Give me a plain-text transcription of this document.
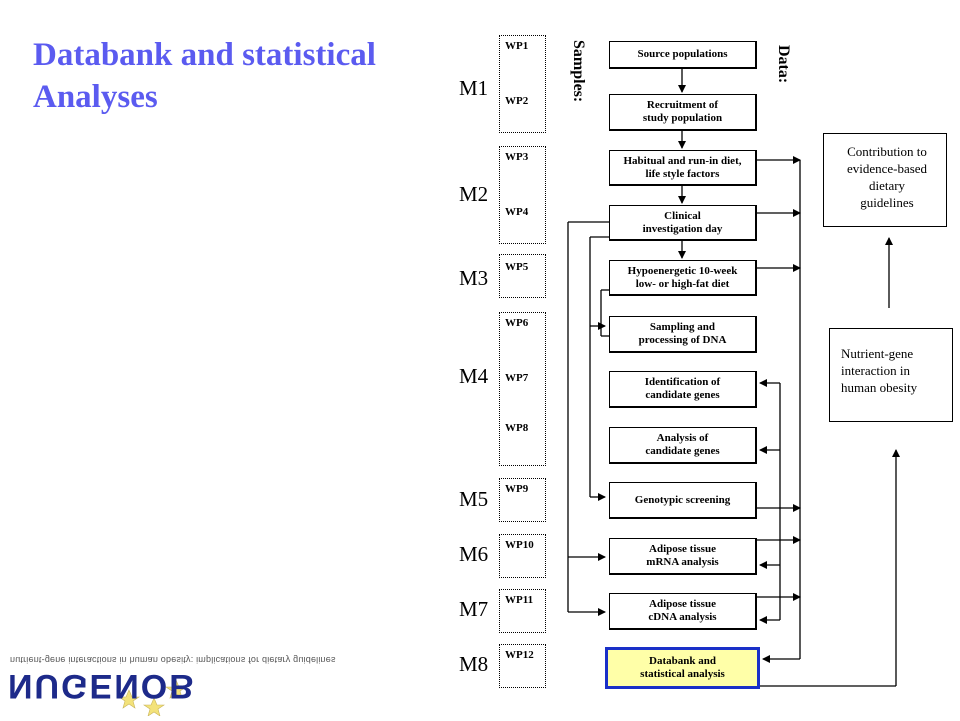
Databank and statistical
Analyses	M1
M2
M3
M4
M5
M6
M7
M8
WP1
WP2
WP3
WP4
WP5
WP6
WP7
WP8
WP9
WP10
WP11
WP12
Samples:	Data:
Source populations
Recruitment of
study population
Habitual and run-in diet,
life style factors
Clinical
investigation day
Hypoenergetic 10-week
low- or high-fat diet
Sampling and
processing of DNA
Identification of
candidate genes
Analysis of
candidate genes
Genotypic screening
Adipose tissue
mRNA analysis
Adipose tissue
cDNA analysis
Databank and
statistical analysis
Contribution to
evidence-based
dietary
guidelines
Nutrient-gene
interaction in
human obesity
nutrient-gene interactions in human obesity: implications for dietary guidelines
NUGENOB
